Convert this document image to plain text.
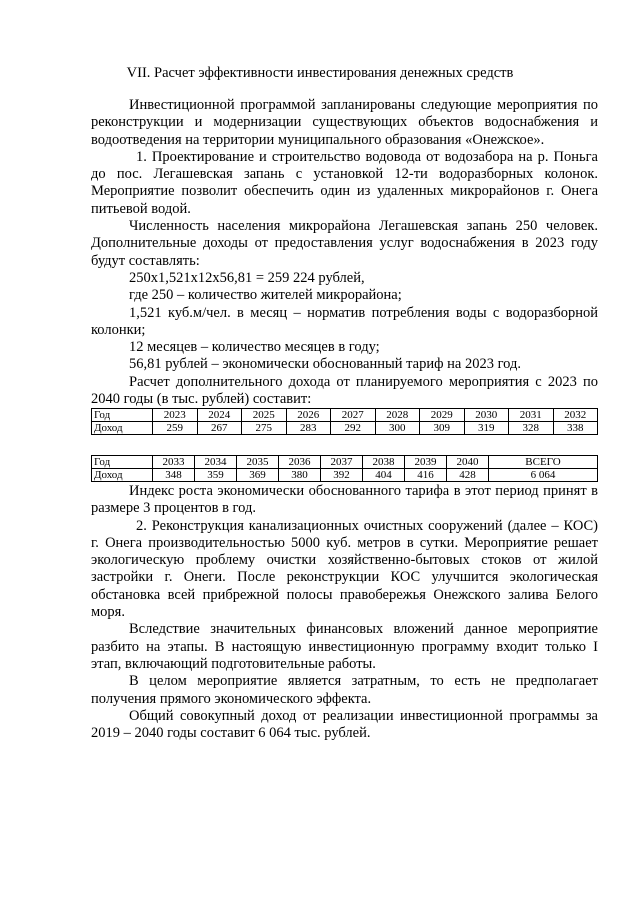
VII. Расчет эффективности инвестирования денежных средств

Инвестиционной программой запланированы следующие мероприятия по реконструкции и модернизации существующих объектов водоснабжения и водоотведения на территории муниципального образования «Онежское».

1. Проектирование и строительство водовода от водозабора на р. Поньга до пос. Легашевская запань с установкой 12-ти водоразборных колонок. Мероприятие позволит обеспечить один из удаленных микрорайонов г. Онега питьевой водой.

Численность населения микрорайона Легашевская запань 250 человек. Дополнительные доходы от предоставления услуг водоснабжения в 2023 году будут составлять:

250х1,521х12х56,81 = 259 224 рублей,

где 250 – количество жителей микрорайона;

1,521 куб.м/чел. в месяц – норматив потребления воды с водоразборной колонки;

12 месяцев – количество месяцев в году;

56,81 рублей – экономически обоснованный тариф на 2023 год.

Расчет дополнительного дохода от планируемого мероприятия с 2023 по 2040 годы (в тыс. рублей) составит:

Год	2023	2024	2025	2026	2027	2028	2029	2030	2031	2032
Доход	259	267	275	283	292	300	309	319	328	338
Год	2033	2034	2035	2036	2037	2038	2039	2040	ВСЕГО
Доход	348	359	369	380	392	404	416	428	6 064

Индекс роста экономически обоснованного тарифа в этот период принят в размере 3 процентов в год.

2. Реконструкция канализационных очистных сооружений (далее – КОС) г. Онега производительностью 5000 куб. метров в сутки. Мероприятие решает экологическую проблему очистки хозяйственно-бытовых стоков от жилой застройки г. Онеги. После реконструкции КОС улучшится экологическая обстановка всей прибрежной полосы правобережья Онежского залива Белого моря.

Вследствие значительных финансовых вложений данное мероприятие разбито на этапы. В настоящую инвестиционную программу входит только I этап, включающий подготовительные работы.

В целом мероприятие является затратным, то есть не предполагает получения прямого экономического эффекта.

Общий совокупный доход от реализации инвестиционной программы за 2019 – 2040 годы составит 6 064 тыс. рублей.
